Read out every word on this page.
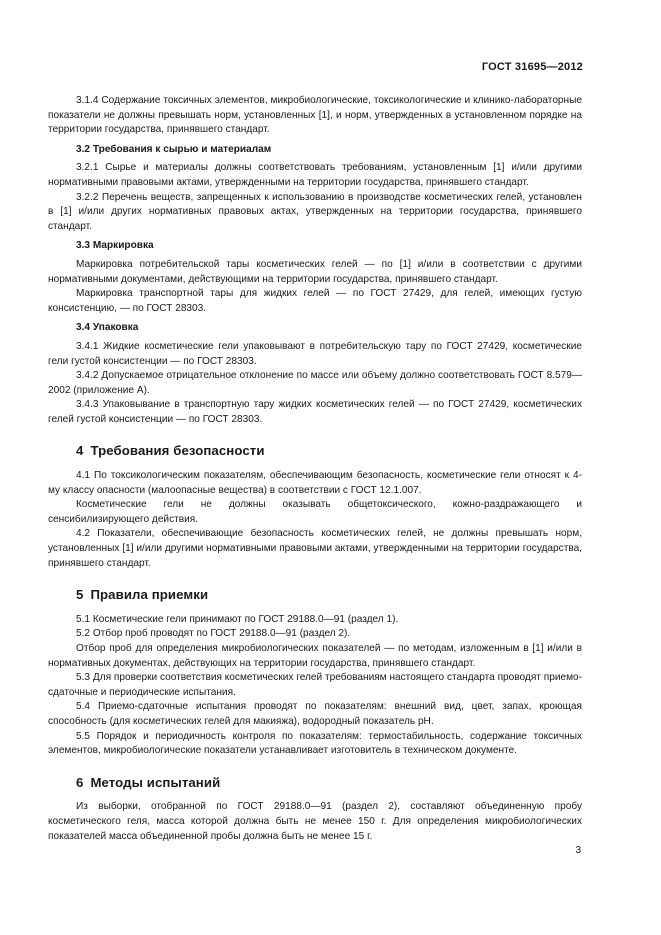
ГОСТ 31695—2012

3.1.4 Содержание токсичных элементов, микробиологические, токсикологические и клинико-лабораторные показатели не должны превышать норм, установленных [1], и норм, утвержденных в установленном порядке на территории государства, принявшего стандарт.

3.2 Требования к сырью и материалам

3.2.1 Сырье и материалы должны соответствовать требованиям, установленным [1] и/или другими нормативными правовыми актами, утвержденными на территории государства, принявшего стандарт.

3.2.2 Перечень веществ, запрещенных к использованию в производстве косметических гелей, установлен в [1] и/или других нормативных правовых актах, утвержденных на территории государства, принявшего стандарт.

3.3 Маркировка

Маркировка потребительской тары косметических гелей — по [1] и/или в соответствии с другими нормативными документами, действующими на территории государства, принявшего стандарт.

Маркировка транспортной тары для жидких гелей — по ГОСТ 27429, для гелей, имеющих густую консистенцию, — по ГОСТ 28303.

3.4 Упаковка

3.4.1 Жидкие косметические гели упаковывают в потребительскую тару по ГОСТ 27429, косметические гели густой консистенции — по ГОСТ 28303.

3.4.2 Допускаемое отрицательное отклонение по массе или объему должно соответствовать ГОСТ 8.579—2002 (приложение А).

3.4.3 Упаковывание в транспортную тару жидких косметических гелей — по ГОСТ 27429, косметических гелей густой консистенции — по ГОСТ 28303.

4 Требования безопасности

4.1 По токсикологическим показателям, обеспечивающим безопасность, косметические гели относят к 4-му классу опасности (малоопасные вещества) в соответствии с ГОСТ 12.1.007.

Косметические гели не должны оказывать общетоксического, кожно-раздражающего и сенсибилизирующего действия.

4.2 Показатели, обеспечивающие безопасность косметических гелей, не должны превышать норм, установленных [1] и/или другими нормативными правовыми актами, утвержденными на территории государства, принявшего стандарт.

5 Правила приемки

5.1 Косметические гели принимают по ГОСТ 29188.0—91 (раздел 1).

5.2 Отбор проб проводят по ГОСТ 29188.0—91 (раздел 2).

Отбор проб для определения микробиологических показателей — по методам, изложенным в [1] и/или в нормативных документах, действующих на территории государства, принявшего стандарт.

5.3 Для проверки соответствия косметических гелей требованиям настоящего стандарта проводят приемо-сдаточные и периодические испытания.

5.4 Приемо-сдаточные испытания проводят по показателям: внешний вид, цвет, запах, кроющая способность (для косметических гелей для макияжа), водородный показатель pH.

5.5 Порядок и периодичность контроля по показателям: термостабильность, содержание токсичных элементов, микробиологические показатели устанавливает изготовитель в техническом документе.

6 Методы испытаний

Из выборки, отобранной по ГОСТ 29188.0—91 (раздел 2), составляют объединенную пробу косметического геля, масса которой должна быть не менее 150 г. Для определения микробиологических показателей масса объединенной пробы должна быть не менее 15 г.

3
